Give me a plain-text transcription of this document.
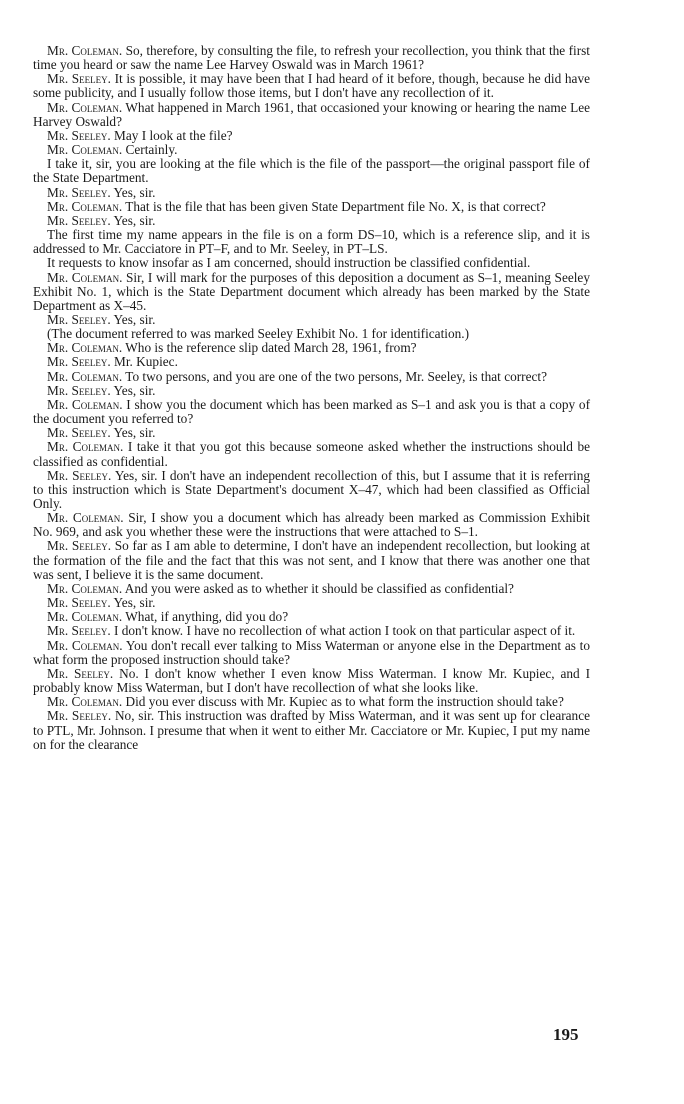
Mr. Coleman. So, therefore, by consulting the file, to refresh your recollection, you think that the first time you heard or saw the name Lee Harvey Oswald was in March 1961?

Mr. Seeley. It is possible, it may have been that I had heard of it before, though, because he did have some publicity, and I usually follow those items, but I don't have any recollection of it.

Mr. Coleman. What happened in March 1961, that occasioned your knowing or hearing the name Lee Harvey Oswald?

Mr. Seeley. May I look at the file?

Mr. Coleman. Certainly.

I take it, sir, you are looking at the file which is the file of the passport—the original passport file of the State Department.

Mr. Seeley. Yes, sir.

Mr. Coleman. That is the file that has been given State Department file No. X, is that correct?

Mr. Seeley. Yes, sir.

The first time my name appears in the file is on a form DS–10, which is a reference slip, and it is addressed to Mr. Cacciatore in PT–F, and to Mr. Seeley, in PT–LS.

It requests to know insofar as I am concerned, should instruction be classified confidential.

Mr. Coleman. Sir, I will mark for the purposes of this deposition a document as S–1, meaning Seeley Exhibit No. 1, which is the State Department document which already has been marked by the State Department as X–45.

Mr. Seeley. Yes, sir.

(The document referred to was marked Seeley Exhibit No. 1 for identification.)

Mr. Coleman. Who is the reference slip dated March 28, 1961, from?

Mr. Seeley. Mr. Kupiec.

Mr. Coleman. To two persons, and you are one of the two persons, Mr. Seeley, is that correct?

Mr. Seeley. Yes, sir.

Mr. Coleman. I show you the document which has been marked as S–1 and ask you is that a copy of the document you referred to?

Mr. Seeley. Yes, sir.

Mr. Coleman. I take it that you got this because someone asked whether the instructions should be classified as confidential.

Mr. Seeley. Yes, sir. I don't have an independent recollection of this, but I assume that it is referring to this instruction which is State Department's document X–47, which had been classified as Official Only.

Mr. Coleman. Sir, I show you a document which has already been marked as Commission Exhibit No. 969, and ask you whether these were the instructions that were attached to S–1.

Mr. Seeley. So far as I am able to determine, I don't have an independent recollection, but looking at the formation of the file and the fact that this was not sent, and I know that there was another one that was sent, I believe it is the same document.

Mr. Coleman. And you were asked as to whether it should be classified as confidential?

Mr. Seeley. Yes, sir.

Mr. Coleman. What, if anything, did you do?

Mr. Seeley. I don't know. I have no recollection of what action I took on that particular aspect of it.

Mr. Coleman. You don't recall ever talking to Miss Waterman or anyone else in the Department as to what form the proposed instruction should take?

Mr. Seeley. No. I don't know whether I even know Miss Waterman. I know Mr. Kupiec, and I probably know Miss Waterman, but I don't have recollection of what she looks like.

Mr. Coleman. Did you ever discuss with Mr. Kupiec as to what form the instruction should take?

Mr. Seeley. No, sir. This instruction was drafted by Miss Waterman, and it was sent up for clearance to PTL, Mr. Johnson. I presume that when it went to either Mr. Cacciatore or Mr. Kupiec, I put my name on for the clearance

195
